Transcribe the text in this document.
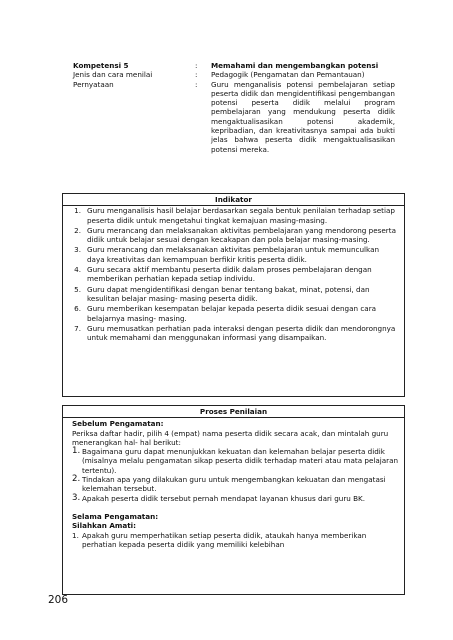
Kompetensi 5	:	Memahami dan mengembangkan potensi
Jenis dan cara menilai	:	Pedagogik (Pengamatan dan Pemantauan)
Pernyataan	:	Guru menganalisis potensi pembelajaran setiap peserta didik dan mengidentifikasi pengembangan potensi peserta didik melalui program pembelajaran yang mendukung peserta didik mengaktualisasikan potensi akademik, kepribadian, dan kreativitasnya sampai ada bukti jelas bahwa peserta didik mengaktualisasikan potensi mereka.
Indikator
1. Guru menganalisis hasil belajar berdasarkan segala bentuk penilaian terhadap setiap peserta didik untuk mengetahui tingkat kemajuan masing-masing.
2. Guru merancang dan melaksanakan aktivitas pembelajaran yang mendorong peserta didik untuk belajar sesuai dengan kecakapan dan pola belajar masing-masing.
3. Guru merancang dan melaksanakan aktivitas pembelajaran untuk memunculkan daya kreativitas dan kemampuan berfikir kritis peserta didik.
4. Guru secara aktif membantu peserta didik dalam proses pembelajaran dengan memberikan perhatian kepada setiap individu.
5. Guru dapat mengidentifikasi dengan benar tentang bakat, minat, potensi, dan kesulitan belajar masing- masing peserta didik.
6. Guru memberikan kesempatan belajar kepada peserta didik sesuai dengan cara belajarnya masing- masing.
7. Guru memusatkan perhatian pada interaksi dengan peserta didik dan mendorongnya untuk memahami dan menggunakan informasi yang disampaikan.
Proses Penilaian
Sebelum Pengamatan:

Periksa daftar hadir, pilih 4 (empat) nama peserta didik secara acak, dan mintalah guru menerangkan hal- hal berikut:

1. Bagaimana guru dapat menunjukkan kekuatan dan kelemahan belajar peserta didik (misalnya melalu pengamatan sikap peserta didik terhadap materi atau mata pelajaran tertentu).
2. Tindakan apa yang dilakukan guru untuk mengembangkan kekuatan dan mengatasi kelemahan tersebut.
3. Apakah peserta didik tersebut pernah mendapat layanan khusus dari guru BK.
Selama Pengamatan:
Silahkan Amati:
1. Apakah guru memperhatikan setiap peserta didik, ataukah hanya memberikan perhatian kepada peserta didik yang memiliki kelebihan
206
